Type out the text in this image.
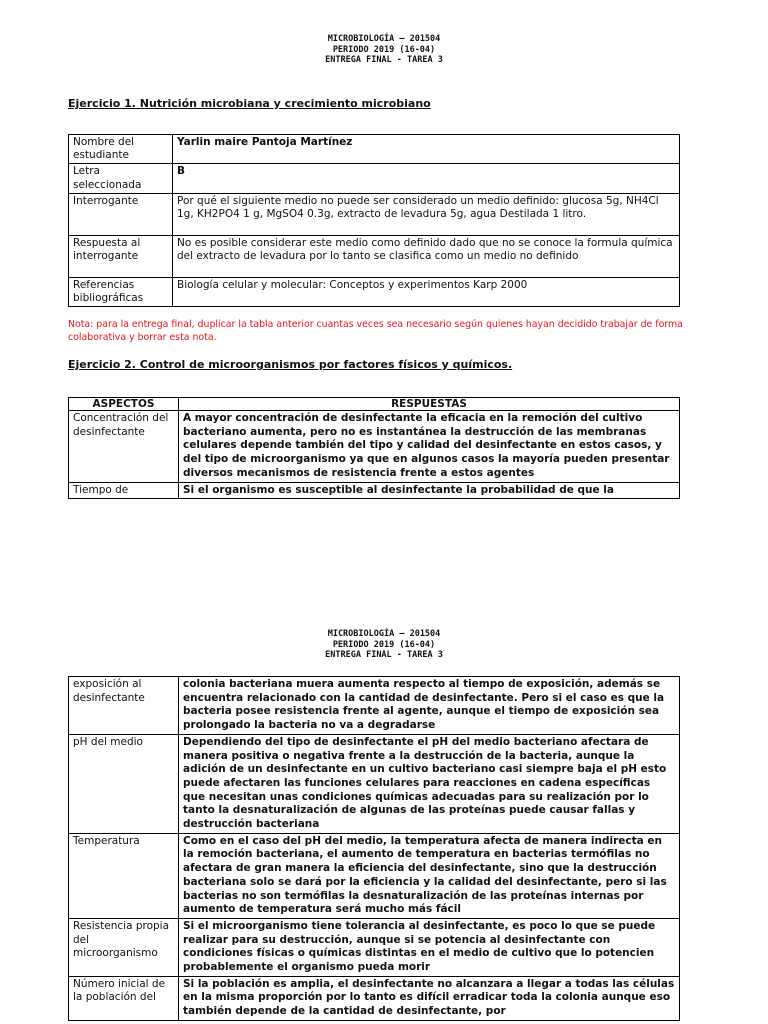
MICROBIOLOGÍA – 201504
PERIODO 2019 (16-04)
ENTREGA FINAL - TAREA 3
Ejercicio 1. Nutrición microbiana y crecimiento microbiano
Nombre del estudiante	Yarlin maire Pantoja Martínez
Letra seleccionada	B
Interrogante	Por qué el siguiente medio no puede ser considerado un medio definido: glucosa 5g, NH4Cl 1g, KH2PO4 1 g, MgSO4 0.3g, extracto de levadura 5g, agua Destilada 1 litro.
Respuesta al interrogante	No es posible considerar este medio como definido dado que no se conoce la formula química del extracto de levadura por lo tanto se clasifica como un medio no definido
Referencias bibliográficas	Biología celular y molecular: Conceptos y experimentos Karp 2000
Nota: para la entrega final, duplicar la tabla anterior cuantas veces sea necesario según quienes hayan decidido trabajar de forma colaborativa y borrar esta nota.
Ejercicio 2. Control de microorganismos por factores físicos y químicos.
ASPECTOS	RESPUESTAS
Concentración del desinfectante	A mayor concentración de desinfectante la eficacia en la remoción del cultivo bacteriano aumenta, pero no es instantánea la destrucción de las membranas celulares depende también del tipo y calidad del desinfectante en estos casos, y del tipo de microorganismo ya que en algunos casos la mayoría pueden presentar diversos mecanismos de resistencia frente a estos agentes
Tiempo de	Si el organismo es susceptible al desinfectante la probabilidad de que la
MICROBIOLOGÍA – 201504
PERIODO 2019 (16-04)
ENTREGA FINAL - TAREA 3
exposición al desinfectante	colonia bacteriana muera aumenta respecto al tiempo de exposición, además se encuentra relacionado con la cantidad de desinfectante. Pero si el caso es que la bacteria posee resistencia frente al agente, aunque el tiempo de exposición sea prolongado la bacteria no va a degradarse
pH del medio	Dependiendo del tipo de desinfectante el pH del medio bacteriano afectara de manera positiva o negativa frente a la destrucción de la bacteria, aunque la adición de un desinfectante en un cultivo bacteriano casi siempre baja el pH esto puede afectaren las funciones celulares para reacciones en cadena específicas que necesitan unas condiciones químicas adecuadas para su realización por lo tanto la desnaturalización de algunas de las proteínas puede causar fallas y destrucción bacteriana
Temperatura	Como en el caso del pH del medio, la temperatura afecta de manera indirecta en la remoción bacteriana, el aumento de temperatura en bacterias termófilas no afectara de gran manera la eficiencia del desinfectante, sino que la destrucción bacteriana solo se dará por la eficiencia y la calidad del desinfectante, pero si las bacterias no son termófilas la desnaturalización de las proteínas internas por aumento de temperatura será mucho más fácil
Resistencia propia del microorganismo	Si el microorganismo tiene tolerancia al desinfectante, es poco lo que se puede realizar para su destrucción, aunque si se potencia al desinfectante con condiciones físicas o químicas distintas en el medio de cultivo que lo potencien probablemente el organismo pueda morir
Número inicial de la población del	Si la población es amplia, el desinfectante no alcanzara a llegar a todas las células en la misma proporción por lo tanto es difícil erradicar toda la colonia aunque eso también depende de la cantidad de desinfectante, por
